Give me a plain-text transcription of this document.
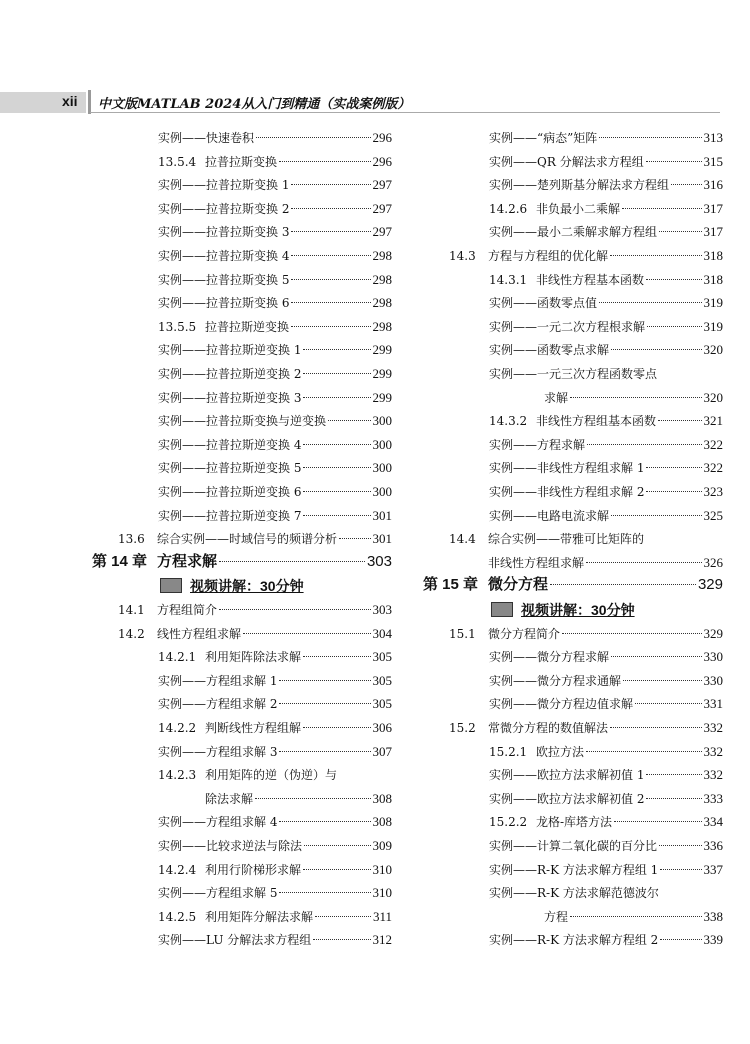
xii 中文版MATLAB 2024从入门到精通（实战案例版）
实例——快速卷积	296
13.5.4 拉普拉斯变换	296
实例——拉普拉斯变换 1	297
实例——拉普拉斯变换 2	297
实例——拉普拉斯变换 3	297
实例——拉普拉斯变换 4	298
实例——拉普拉斯变换 5	298
实例——拉普拉斯变换 6	298
13.5.5 拉普拉斯逆变换	298
实例——拉普拉斯逆变换 1	299
实例——拉普拉斯逆变换 2	299
实例——拉普拉斯逆变换 3	299
实例——拉普拉斯变换与逆变换	300
实例——拉普拉斯逆变换 4	300
实例——拉普拉斯逆变换 5	300
实例——拉普拉斯逆变换 6	300
实例——拉普拉斯逆变换 7	301
13.6	综合实例——时域信号的频谱分析	301
第 14 章 方程求解	303
视频讲解：30分钟
14.1	方程组简介	303
14.2	线性方程组求解	304
14.2.1 利用矩阵除法求解	305
实例——方程组求解 1	305
实例——方程组求解 2	305
14.2.2 判断线性方程组解	306
实例——方程组求解 3	307
14.2.3 利用矩阵的逆（伪逆）与
除法求解	308
实例——方程组求解 4	308
实例——比较求逆法与除法	309
14.2.4 利用行阶梯形求解	310
实例——方程组求解 5	310
14.2.5 利用矩阵分解法求解	311
实例——LU 分解法求方程组	312
实例——“病态”矩阵	313
实例——QR 分解法求方程组	315
实例——楚列斯基分解法求方程组	316
14.2.6 非负最小二乘解	317
实例——最小二乘解求解方程组	317
14.3	方程与方程组的优化解	318
14.3.1 非线性方程基本函数	318
实例——函数零点值	319
实例——一元二次方程根求解	319
实例——函数零点求解	320
实例——一元三次方程函数零点
求解	320
14.3.2 非线性方程组基本函数	321
实例——方程求解	322
实例——非线性方程组求解 1	322
实例——非线性方程组求解 2	323
实例——电路电流求解	325
14.4	综合实例——带雅可比矩阵的
非线性方程组求解	326
第 15 章 微分方程	329
视频讲解：30分钟
15.1	微分方程简介	329
实例——微分方程求解	330
实例——微分方程求通解	330
实例——微分方程边值求解	331
15.2	常微分方程的数值解法	332
15.2.1 欧拉方法	332
实例——欧拉方法求解初值 1	332
实例——欧拉方法求解初值 2	333
15.2.2 龙格-库塔方法	334
实例——计算二氧化碳的百分比	336
实例——R-K 方法求解方程组 1	337
实例——R-K 方法求解范德波尔
方程	338
实例——R-K 方法求解方程组 2	339
